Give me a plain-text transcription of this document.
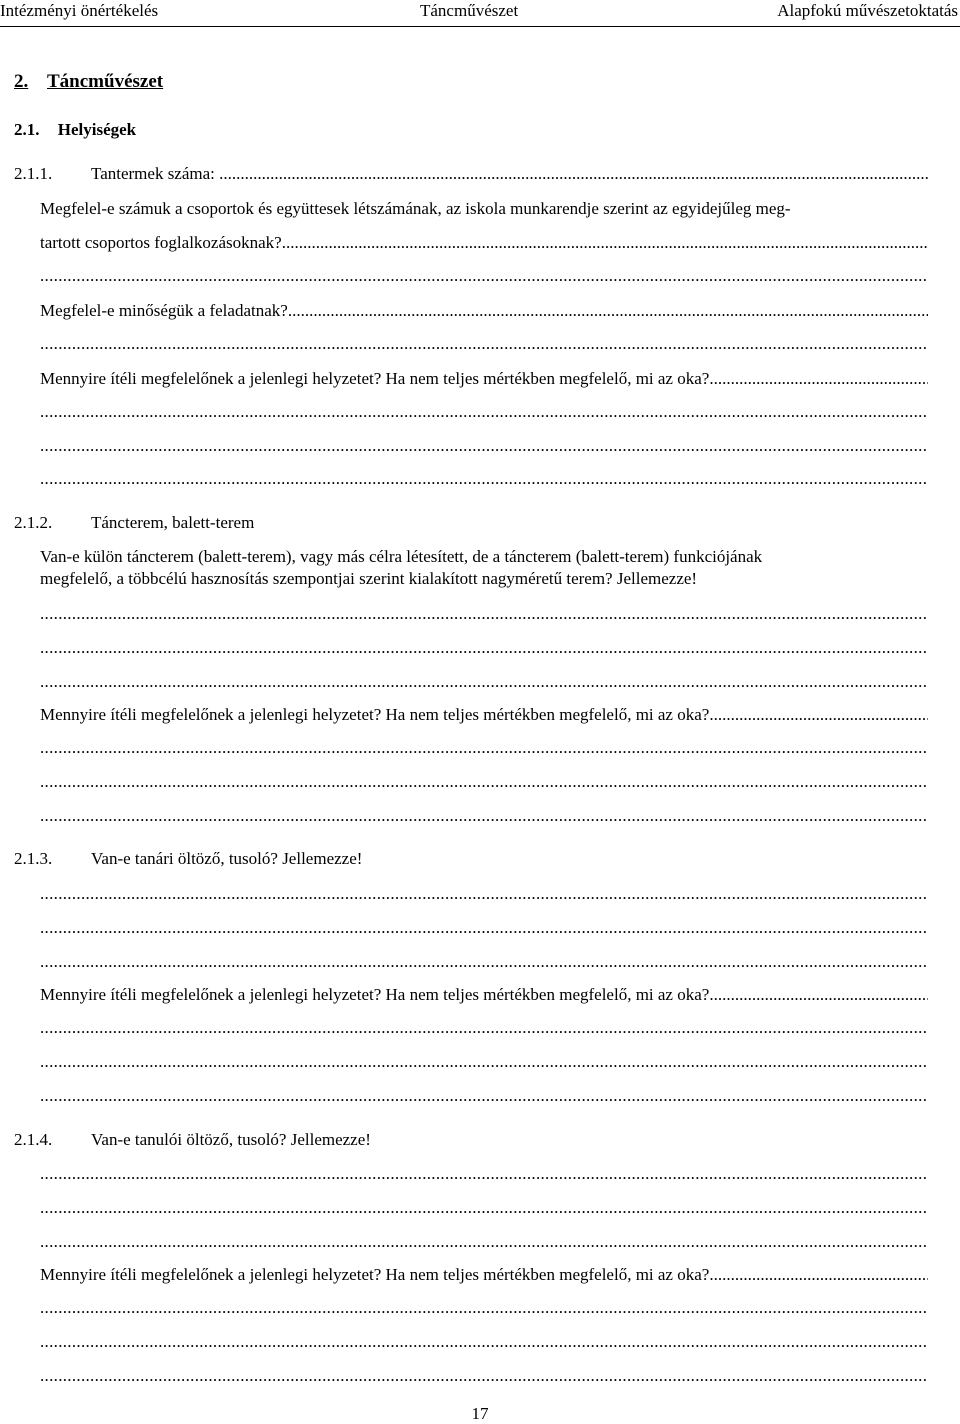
Intézményi önértékelés	Táncművészet	Alapfokú művészetoktatás
2. Táncművészet
2.1. Helyiségek
2.1.1. Tantermek száma: .....
Megfelel-e számuk a csoportok és együttesek létszámának, az iskola munkarendje szerint az egyidejűleg meg-
tartott csoportos foglalkozásoknak? .....
.....
Megfelel-e minőségük a feladatnak? .....
.....
Mennyire ítéli megfelelőnek a jelenlegi helyzetet? Ha nem teljes mértékben megfelelő, mi az oka? .....
.....
.....
.....
2.1.2. Táncterem, balett-terem
Van-e külön táncterem (balett-terem), vagy más célra létesített, de a táncterem (balett-terem) funkciójának
megfelelő, a többcélú hasznosítás szempontjai szerint kialakított nagyméretű terem? Jellemezze!
.....
.....
.....
Mennyire ítéli megfelelőnek a jelenlegi helyzetet? Ha nem teljes mértékben megfelelő, mi az oka? .....
.....
.....
.....
2.1.3. Van-e tanári öltöző, tusoló? Jellemezze!
.....
.....
.....
Mennyire ítéli megfelelőnek a jelenlegi helyzetet? Ha nem teljes mértékben megfelelő, mi az oka? .....
.....
.....
.....
2.1.4. Van-e tanulói öltöző, tusoló? Jellemezze!
.....
.....
.....
Mennyire ítéli megfelelőnek a jelenlegi helyzetet? Ha nem teljes mértékben megfelelő, mi az oka? .....
.....
.....
.....
17
